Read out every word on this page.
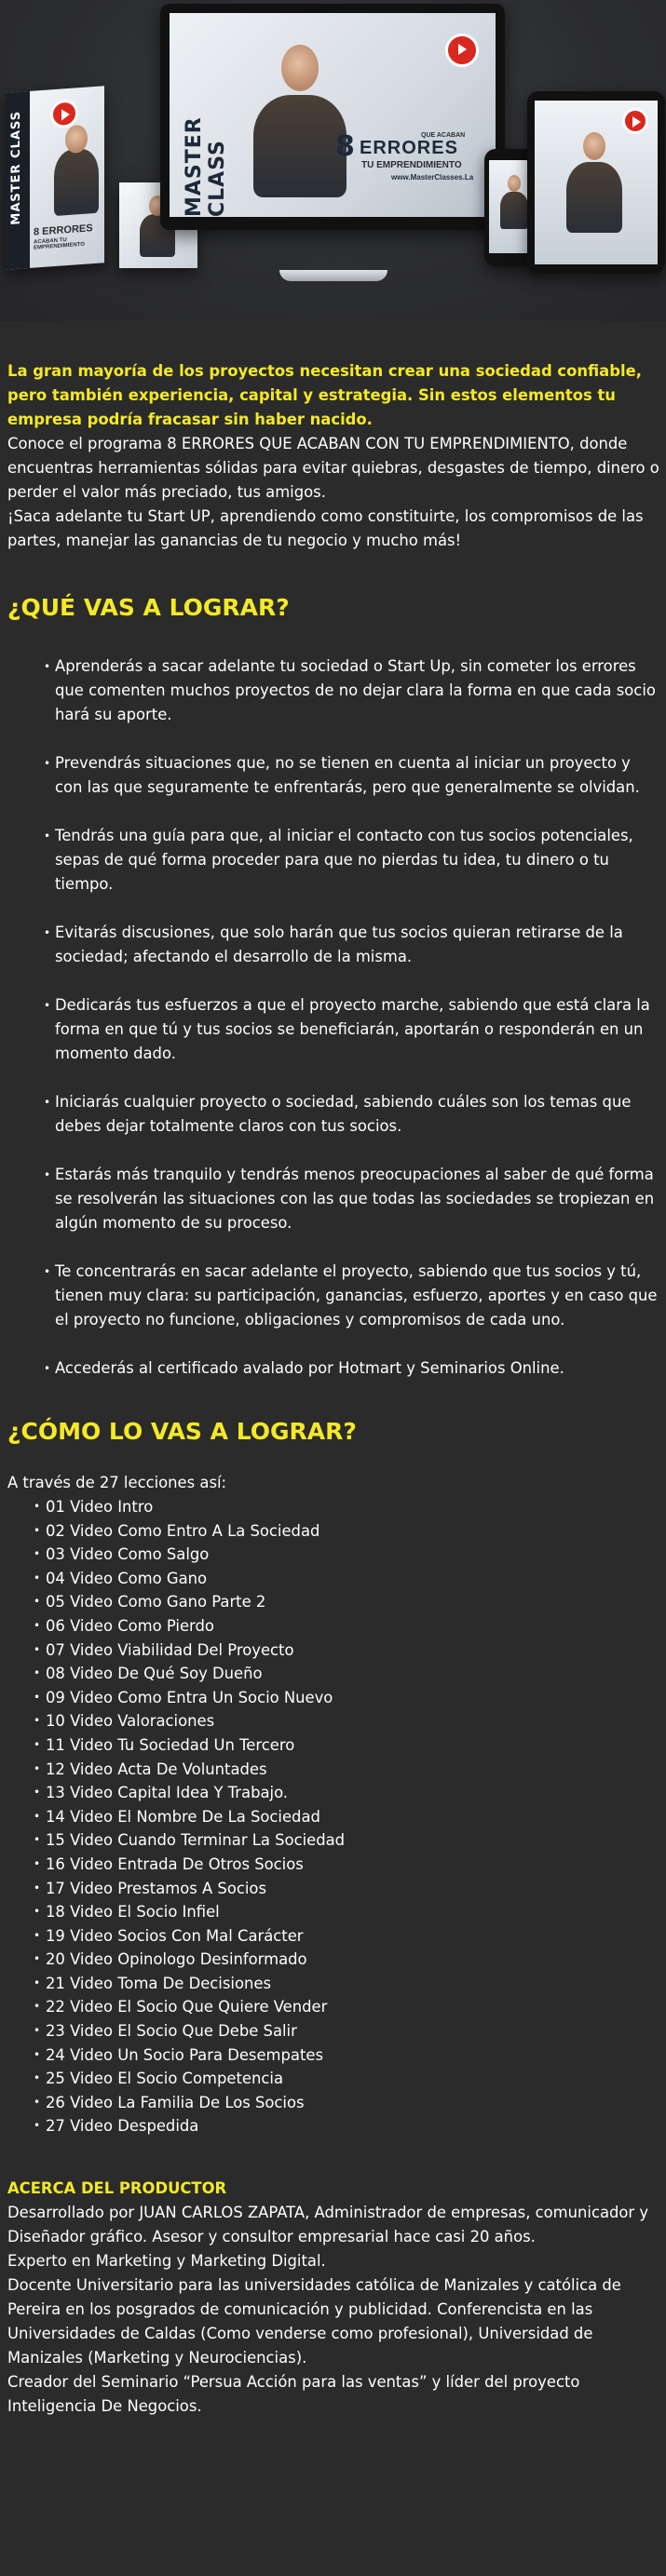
MASTER CLASS
8 ERRORES
ACABAN TU EMPRENDIMIENTO
MASTER CLASS	8	QUE ACABAN
ERRORES
TU EMPRENDIMIENTO
www.MasterClasses.La

La gran mayoría de los proyectos necesitan crear una sociedad confiable, pero también experiencia, capital y estrategia. Sin estos elementos tu empresa podría fracasar sin haber nacido.

Conoce el programa 8 ERRORES QUE ACABAN CON TU EMPRENDIMIENTO, donde encuentras herramientas sólidas para evitar quiebras, desgastes de tiempo, dinero o perder el valor más preciado, tus amigos.

¡Saca adelante tu Start UP, aprendiendo como constituirte, los compromisos de las partes, manejar las ganancias de tu negocio y mucho más!

¿QUÉ VAS A LOGRAR?
• Aprenderás a sacar adelante tu sociedad o Start Up, sin cometer los errores que comenten muchos proyectos de no dejar clara la forma en que cada socio hará su aporte.
• Prevendrás situaciones que, no se tienen en cuenta al iniciar un proyecto y con las que seguramente te enfrentarás, pero que generalmente se olvidan.
• Tendrás una guía para que, al iniciar el contacto con tus socios potenciales, sepas de qué forma proceder para que no pierdas tu idea, tu dinero o tu tiempo.
• Evitarás discusiones, que solo harán que tus socios quieran retirarse de la sociedad; afectando el desarrollo de la misma.
• Dedicarás tus esfuerzos a que el proyecto marche, sabiendo que está clara la forma en que tú y tus socios se beneficiarán, aportarán o responderán en un momento dado.
• Iniciarás cualquier proyecto o sociedad, sabiendo cuáles son los temas que debes dejar totalmente claros con tus socios.
• Estarás más tranquilo y tendrás menos preocupaciones al saber de qué forma se resolverán las situaciones con las que todas las sociedades se tropiezan en algún momento de su proceso.
• Te concentrarás en sacar adelante el proyecto, sabiendo que tus socios y tú, tienen muy clara: su participación, ganancias, esfuerzo, aportes y en caso que el proyecto no funcione, obligaciones y compromisos de cada uno.
• Accederás al certificado avalado por Hotmart y Seminarios Online.
¿CÓMO LO VAS A LOGRAR?

A través de 27 lecciones así:

• 01 Video Intro
• 02 Video Como Entro A La Sociedad
• 03 Video Como Salgo
• 04 Video Como Gano
• 05 Video Como Gano Parte 2
• 06 Video Como Pierdo
• 07 Video Viabilidad Del Proyecto
• 08 Video De Qué Soy Dueño
• 09 Video Como Entra Un Socio Nuevo
• 10 Video Valoraciones
• 11 Video Tu Sociedad Un Tercero
• 12 Video Acta De Voluntades
• 13 Video Capital Idea Y Trabajo.
• 14 Video El Nombre De La Sociedad
• 15 Video Cuando Terminar La Sociedad
• 16 Video Entrada De Otros Socios
• 17 Video Prestamos A Socios
• 18 Video El Socio Infiel
• 19 Video Socios Con Mal Carácter
• 20 Video Opinologo Desinformado
• 21 Video Toma De Decisiones
• 22 Video El Socio Que Quiere Vender
• 23 Video El Socio Que Debe Salir
• 24 Video Un Socio Para Desempates
• 25 Video El Socio Competencia
• 26 Video La Familia De Los Socios
• 27 Video Despedida
ACERCA DEL PRODUCTOR

Desarrollado por JUAN CARLOS ZAPATA, Administrador de empresas, comunicador y Diseñador gráfico. Asesor y consultor empresarial hace casi 20 años.

Experto en Marketing y Marketing Digital.

Docente Universitario para las universidades católica de Manizales y católica de Pereira en los posgrados de comunicación y publicidad. Conferencista en las Universidades de Caldas (Como venderse como profesional), Universidad de Manizales (Marketing y Neurociencias).

Creador del Seminario “Persua Acción para las ventas” y líder del proyecto Inteligencia De Negocios.
